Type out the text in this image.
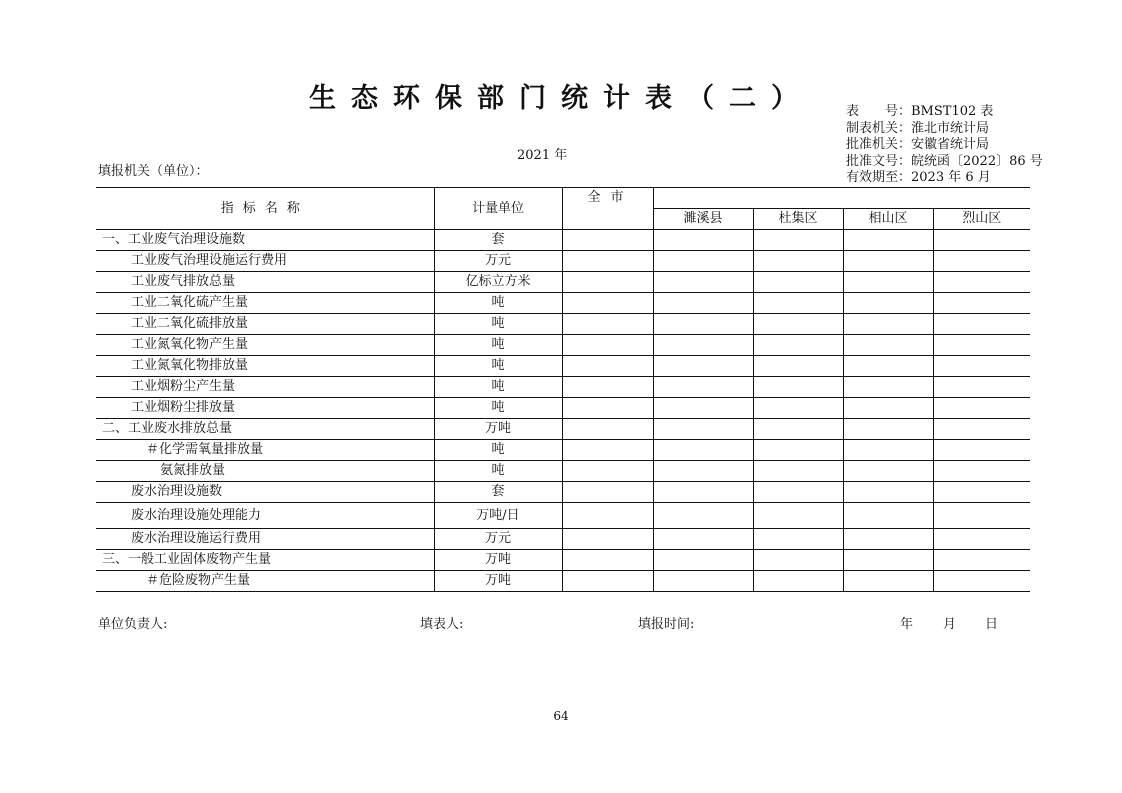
生态环保部门统计表（二）	表　　号：BMST102 表
制表机关：淮北市统计局
批准机关：安徽省统计局
批准文号：皖统函〔2022〕86 号
有效期至：2023 年 6 月
2021 年
填报机关（单位）：
指标名称	计量单位	全市				
			濉溪县	杜集区	相山区	烈山区
一、工业废气治理设施数	套					
工业废气治理设施运行费用	万元					
工业废气排放总量	亿标立方米					
工业二氧化硫产生量	吨					
工业二氧化硫排放量	吨					
工业氮氧化物产生量	吨					
工业氮氧化物排放量	吨					
工业烟粉尘产生量	吨					
工业烟粉尘排放量	吨					
二、工业废水排放总量	万吨					
＃化学需氧量排放量	吨					
氨氮排放量	吨					
废水治理设施数	套					
废水治理设施处理能力	万吨/日					
废水治理设施运行费用	万元					
三、一般工业固体废物产生量	万吨					
＃危险废物产生量	万吨					
单位负责人:	填表人:	填报时间:	年 月 日
64
